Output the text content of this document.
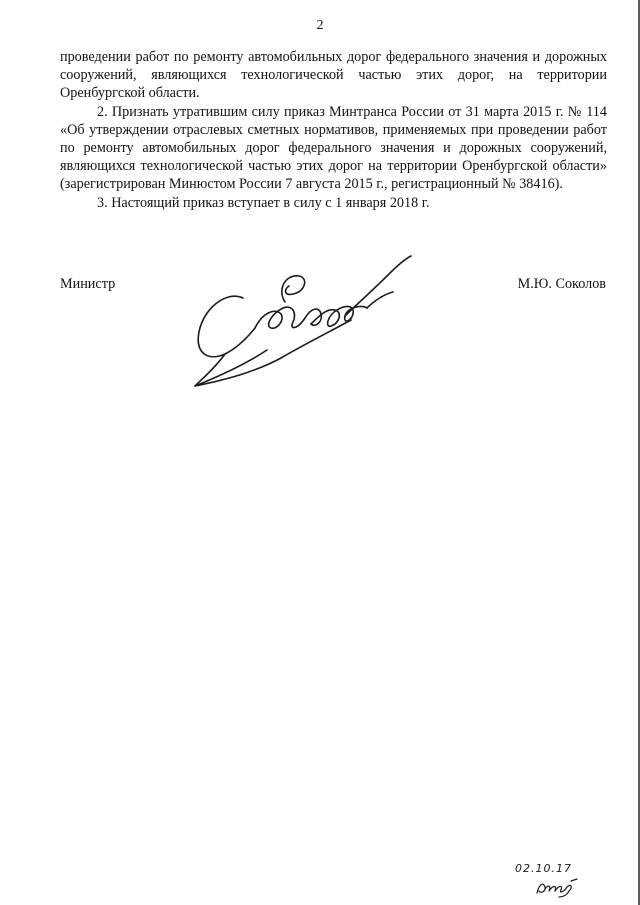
2

проведении работ по ремонту автомобильных дорог федерального значения и дорожных сооружений, являющихся технологической частью этих дорог, на территории Оренбургской области.

2. Признать утратившим силу приказ Минтранса России от 31 марта 2015 г. № 114 «Об утверждении отраслевых сметных нормативов, применяемых при проведении работ по ремонту автомобильных дорог федерального значения и дорожных сооружений, являющихся технологической частью этих дорог на территории Оренбургской области» (зарегистрирован Минюстом России 7 августа 2015 г., регистрационный № 38416).

3. Настоящий приказ вступает в силу с 1 января 2018 г.

Министр	М.Ю. Соколов
02.10.17
